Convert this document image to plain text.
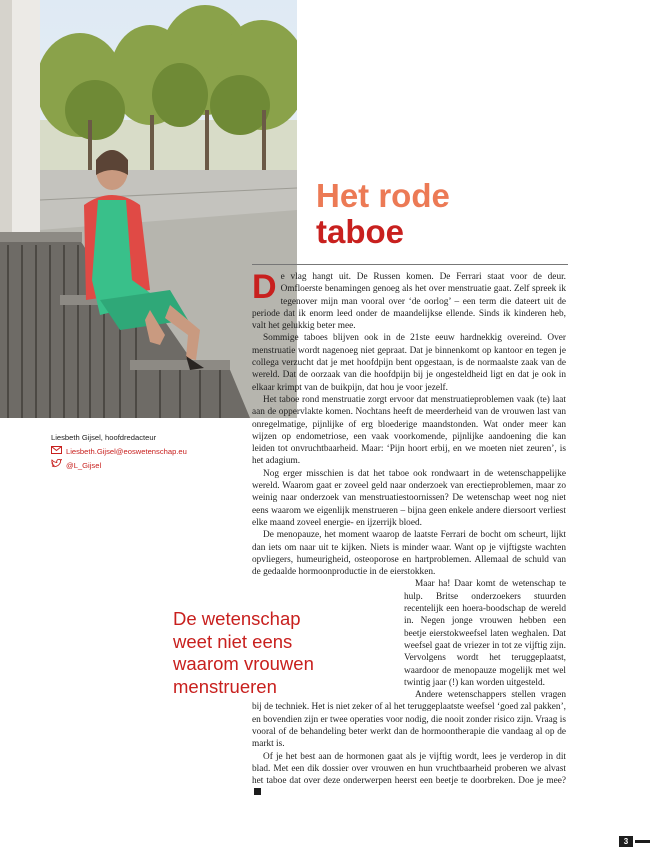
Het rode
taboe

De vlag hangt uit. De Russen komen. De Ferrari staat voor de deur. Omfloerste benamingen genoeg als het over menstruatie gaat. Zelf spreek ik tegenover mijn man vooral over ‘de oorlog’ – een term die dateert uit de periode dat ik enorm leed onder de maandelijkse ellende. Sinds ik kinderen heb, valt het gelukkig beter mee.

Sommige taboes blijven ook in de 21ste eeuw hardnekkig overeind. Over menstruatie wordt nagenoeg niet gepraat. Dat je binnenkomt op kantoor en tegen je collega verzucht dat je met hoofdpijn bent opgestaan, is de normaalste zaak van de wereld. Dat de oorzaak van die hoofdpijn bij je ongesteldheid ligt en dat je ook in elkaar krimpt van de buikpijn, dat hou je voor jezelf.

Het taboe rond menstruatie zorgt ervoor dat menstruatieproblemen vaak (te) laat aan de oppervlakte komen. Nochtans heeft de meerderheid van de vrouwen last van onregelmatige, pijnlijke of erg bloederige maandstonden. Wat onder meer kan wijzen op endometriose, een vaak voorkomende, pijnlijke aandoening die kan leiden tot onvruchtbaarheid. Maar: ‘Pijn hoort erbij, en we moeten niet zeuren’, is het adagium.

Nog erger misschien is dat het taboe ook rondwaart in de wetenschappelijke wereld. Waarom gaat er zoveel geld naar onderzoek van erectieproblemen, maar zo weinig naar onderzoek van menstruatiestoornissen? De wetenschap weet nog niet eens waarom we eigenlijk menstrueren – bijna geen enkele andere diersoort verliest elke maand zoveel energie- en ijzerrijk bloed.

De menopauze, het moment waarop de laatste Ferrari de bocht om scheurt, lijkt dan iets om naar uit te kijken. Niets is minder waar. Want op je vijftigste wachten opvliegers, humeurigheid, osteoporose en hartproblemen. Allemaal de schuld van de gedaalde hormoonproductie in de eierstokken.

Maar ha! Daar komt de wetenschap te hulp. Britse onderzoekers stuurden recentelijk een hoera-boodschap de wereld in. Negen jonge vrouwen hebben een beetje eierstokweefsel laten weghalen. Dat weefsel gaat de vriezer in tot ze vijftig zijn. Vervolgens wordt het teruggeplaatst, waardoor de menopauze mogelijk met wel twintig jaar (!) kan worden uitgesteld.

Andere wetenschappers stellen vragen bij de techniek. Het is niet zeker of al het teruggeplaatste weefsel ‘goed zal pakken’, en bovendien zijn er twee operaties voor nodig, die nooit zonder risico zijn. Vraag is vooral of de behandeling beter werkt dan de hormoontherapie die vandaag al op de markt is.

Of je het best aan de hormonen gaat als je vijftig wordt, lees je verderop in dit blad. Met een dik dossier over vrouwen en hun vruchtbaarheid proberen we alvast het taboe dat over deze onderwerpen heerst een beetje te doorbreken. Doe je mee?

De wetenschap
weet niet eens
waarom vrouwen
menstrueren
Liesbeth Gijsel, hoofdredacteur
Liesbeth.Gijsel@eoswetenschap.eu
@L_Gijsel
3
